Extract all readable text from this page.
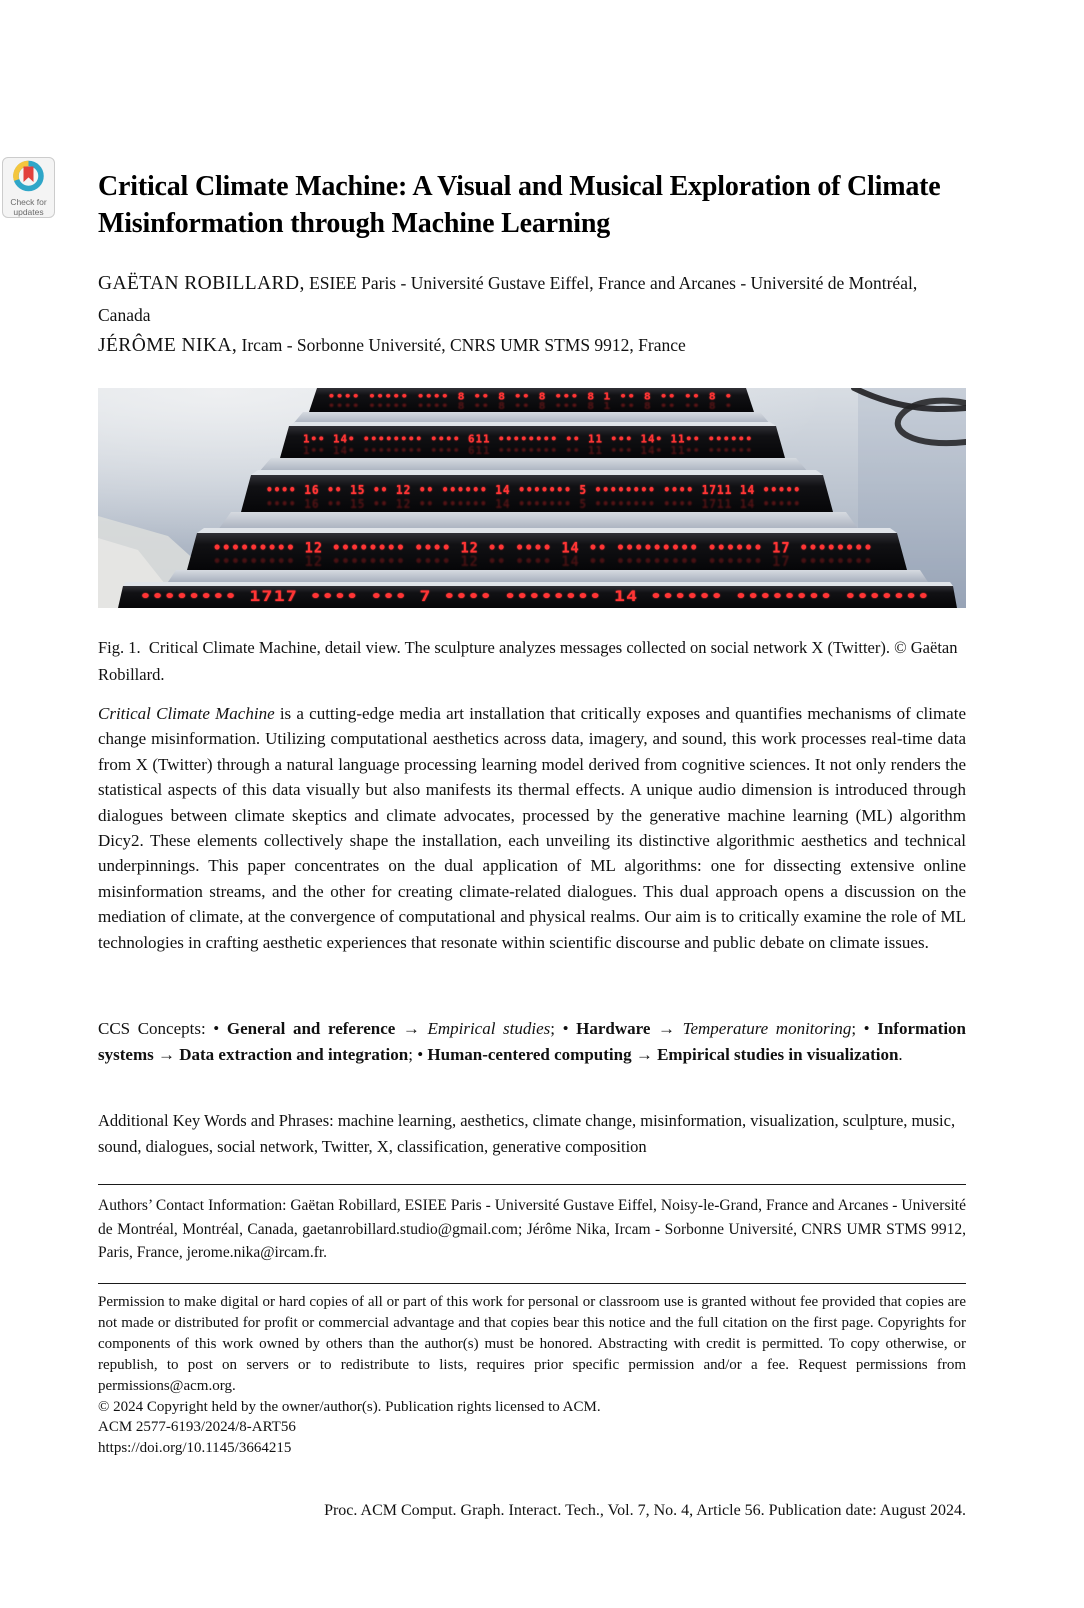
Check for
updates
Critical Climate Machine: A Visual and Musical Exploration of Climate Misinformation through Machine Learning

GAËTAN ROBILLARD, ESIEE Paris - Université Gustave Eiffel, France and Arcanes - Université de Montréal, Canada

JÉRÔME NIKA, Ircam - Sorbonne Université, CNRS UMR STMS 9912, France

•••• ••••• •••• 8 •• 8 •• 8 ••• 8 1 •• 8 •• •• 8 •
•••• ••••• •••• 8 •• 8 •• 8 ••• 8 1 •• 8 •• •• 8 •
1•• 14• •••••••• •••• 611 •••••••• •• 11 ••• 14• 11•• ••••••
1•• 14• •••••••• •••• 611 •••••••• •• 11 ••• 14• 11•• ••••••
•••• 16 •• 15 •• 12 •• •••••• 14 ••••••• 5 •••••••• •••• 1711 14 •••••
•••• 16 •• 15 •• 12 •• •••••• 14 ••••••• 5 •••••••• •••• 1711 14 •••••
••••••••• 12 •••••••• •••• 12 •• •••• 14 •• ••••••••• •••••• 17 ••••••••
••••••••• 12 •••••••• •••• 12 •• •••• 14 •• ••••••••• •••••• 17 ••••••••
•••••••• 1717 •••• ••• 7 •••• •••••••• 14 •••••• •••••••• •••••••
Fig. 1.  Critical Climate Machine, detail view. The sculpture analyzes messages collected on social network X (Twitter). © Gaëtan Robillard.

Critical Climate Machine is a cutting-edge media art installation that critically exposes and quantifies mechanisms of climate change misinformation. Utilizing computational aesthetics across data, imagery, and sound, this work processes real-time data from X (Twitter) through a natural language processing learning model derived from cognitive sciences. It not only renders the statistical aspects of this data visually but also manifests its thermal effects. A unique audio dimension is introduced through dialogues between climate skeptics and climate advocates, processed by the generative machine learning (ML) algorithm Dicy2. These elements collectively shape the installation, each unveiling its distinctive algorithmic aesthetics and technical underpinnings. This paper concentrates on the dual application of ML algorithms: one for dissecting extensive online misinformation streams, and the other for creating climate-related dialogues. This dual approach opens a discussion on the mediation of climate, at the convergence of computational and physical realms. Our aim is to critically examine the role of ML technologies in crafting aesthetic experiences that resonate within scientific discourse and public debate on climate issues.

CCS Concepts: • General and reference → Empirical studies; • Hardware → Temperature monitoring; • Information systems → Data extraction and integration; • Human-centered computing → Empirical studies in visualization.

Additional Key Words and Phrases: machine learning, aesthetics, climate change, misinformation, visualization, sculpture, music, sound, dialogues, social network, Twitter, X, classification, generative composition

Authors’ Contact Information: Gaëtan Robillard, ESIEE Paris - Université Gustave Eiffel, Noisy-le-Grand, France and Arcanes - Université de Montréal, Montréal, Canada, gaetanrobillard.studio@gmail.com; Jérôme Nika, Ircam - Sorbonne Université, CNRS UMR STMS 9912, Paris, France, jerome.nika@ircam.fr.

Permission to make digital or hard copies of all or part of this work for personal or classroom use is granted without fee provided that copies are not made or distributed for profit or commercial advantage and that copies bear this notice and the full citation on the first page. Copyrights for components of this work owned by others than the author(s) must be honored. Abstracting with credit is permitted. To copy otherwise, or republish, to post on servers or to redistribute to lists, requires prior specific permission and/or a fee. Request permissions from permissions@acm.org.

© 2024 Copyright held by the owner/author(s). Publication rights licensed to ACM.
ACM 2577-6193/2024/8-ART56
https://doi.org/10.1145/3664215
Proc. ACM Comput. Graph. Interact. Tech., Vol. 7, No. 4, Article 56. Publication date: August 2024.
